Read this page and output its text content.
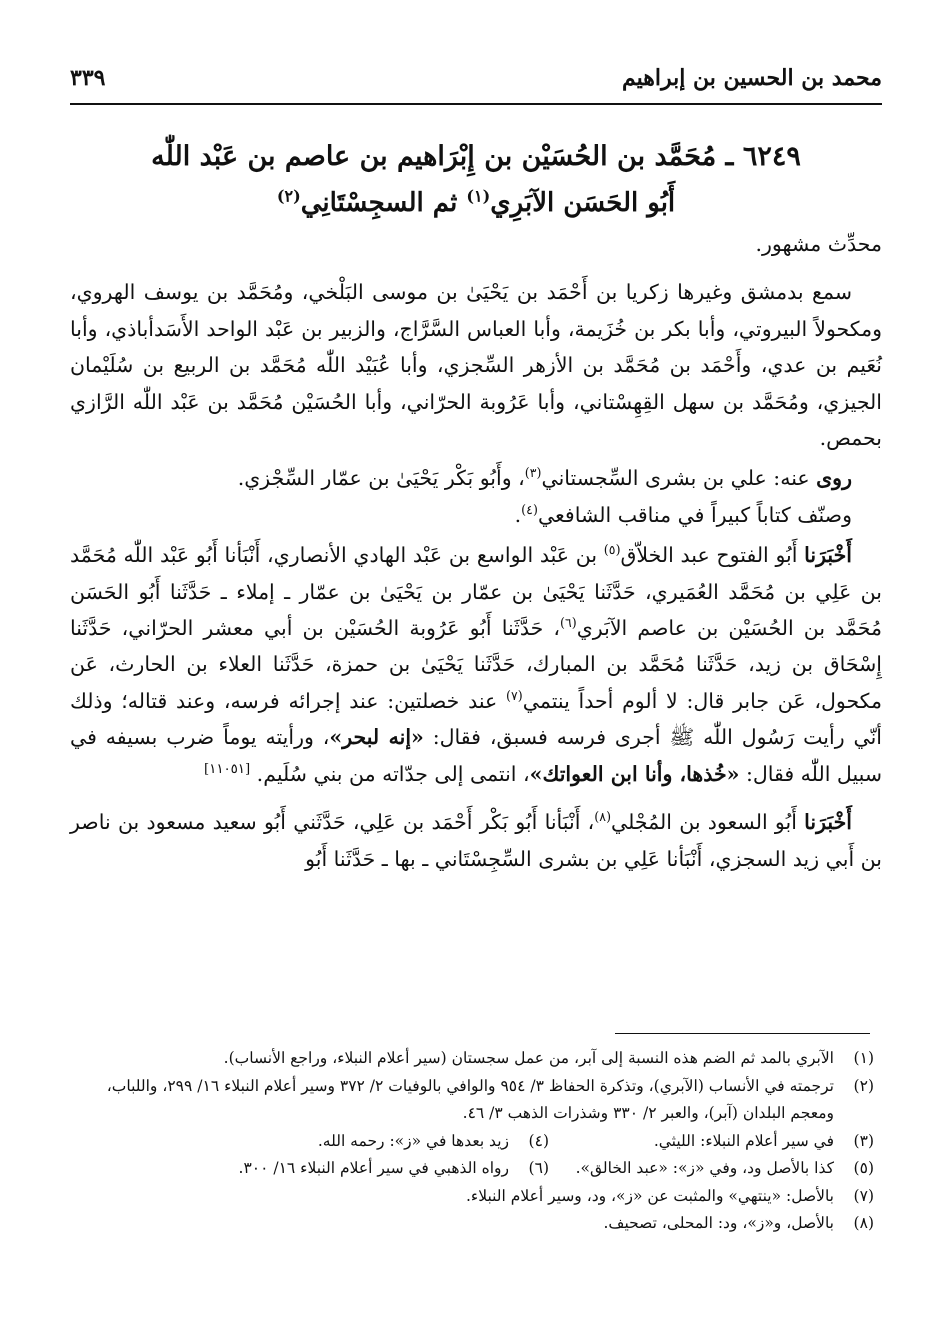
محمد بن الحسين بن إبراهيم
٣٣٩
٦٢٤٩ ـ مُحَمَّد بن الحُسَيْن بن إِبْرَاهيم بن عاصم بن عَبْد اللّٰه
أَبُو الحَسَن الآبَرِي$^{(١)}$ ثم السجِسْتَانِي$^{(٢)}$

محدِّث مشهور.

سمع بدمشق وغيرها زكريا بن أَحْمَد بن يَحْيَىٰ بن موسى البَلْخي، ومُحَمَّد بن يوسف الهروي، ومكحولاً البيروتي، وأبا بكر بن خُزَيمة، وأبا العباس السَّرَّاج، والزبير بن عَبْد الواحد الأَسَدأباذي، وأبا نُعَيم بن عدي، وأَحْمَد بن مُحَمَّد بن الأزهر السِّجزي، وأبا عُبَيْد اللّٰه مُحَمَّد بن الربيع بن سُلَيْمان الجيزي، ومُحَمَّد بن سهل القِهِسْتاني، وأبا عَرُوبة الحرّاني، وأبا الحُسَيْن مُحَمَّد بن عَبْد اللّٰه الرَّازي بحمص.

روى عنه: علي بن بشرى السِّجستاني$^{(٣)}$، وأَبُو بَكْر يَحْيَىٰ بن عمّار السِّجْزي.

وصنّف كتاباً كبيراً في مناقب الشافعي$^{(٤)}$.

أَخْبَرَنا أَبُو الفتوح عبد الخلاّق$^{(٥)}$ بن عَبْد الواسع بن عَبْد الهادي الأنصاري، أَنْبَأنا أَبُو عَبْد اللّٰه مُحَمَّد بن عَلِي بن مُحَمَّد العُمَيري، حَدَّثَنا يَحْيَىٰ بن عمّار بن يَحْيَىٰ بن عمّار ـ إملاء ـ حَدَّثَنا أَبُو الحَسَن مُحَمَّد بن الحُسَيْن بن عاصم الآبَري$^{(٦)}$، حَدَّثَنا أَبُو عَرُوبة الحُسَيْن بن أبي معشر الحرّاني، حَدَّثَنا إِسْحَاق بن زيد، حَدَّثَنا مُحَمَّد بن المبارك، حَدَّثَنا يَحْيَىٰ بن حمزة، حَدَّثَنا العلاء بن الحارث، عَن مكحول، عَن جابر قال: لا ألوم أحداً ينتمي$^{(٧)}$ عند خصلتين: عند إجرائه فرسه، وعند قتاله؛ وذلك أنّي رأيت رَسُول اللّٰه ﷺ أجرى فرسه فسبق، فقال: «إنه لبحر»، ورأيته يوماً ضرب بسيفه في سبيل اللّٰه فقال: «خُذها، وأنا ابن العواتك»، انتمى إلى جدّاته من بني سُلَيم. [١١٠٥١]

أَخْبَرَنا أَبُو السعود بن المُجْلي$^{(٨)}$، أَنْبَأنا أَبُو بَكْر أَحْمَد بن عَلِي، حَدَّثَني أَبُو سعيد مسعود بن ناصر بن أَبي زيد السجزي، أَنْبَأنا عَلِي بن بشرى السِّجِسْتَاني ـ بها ـ حَدَّثَنا أَبُو

(١)
الآبري بالمد ثم الضم هذه النسبة إلى آبر، من عمل سجستان (سير أعلام النبلاء، وراجع الأنساب).
(٢)
ترجمته في الأنساب (الآبري)، وتذكرة الحفاظ ٣/ ٩٥٤ والوافي بالوفيات ٢/ ٣٧٢ وسير أعلام النبلاء ١٦/ ٢٩٩، واللباب، ومعجم البلدان (آبر)، والعبر ٢/ ٣٣٠ وشذرات الذهب ٣/ ٤٦.
(٣)
في سير أعلام النبلاء: الليثي.
(٤)
زيد بعدها في «ز»: رحمه الله.
(٥)
كذا بالأصل ود، وفي «ز»: «عبد الخالق».
(٦)
رواه الذهبي في سير أعلام النبلاء ١٦/ ٣٠٠.
(٧)
بالأصل: «ينتهي» والمثبت عن «ز»، ود، وسير أعلام النبلاء.
(٨)
بالأصل، و«ز»، ود: المحلى، تصحيف.
